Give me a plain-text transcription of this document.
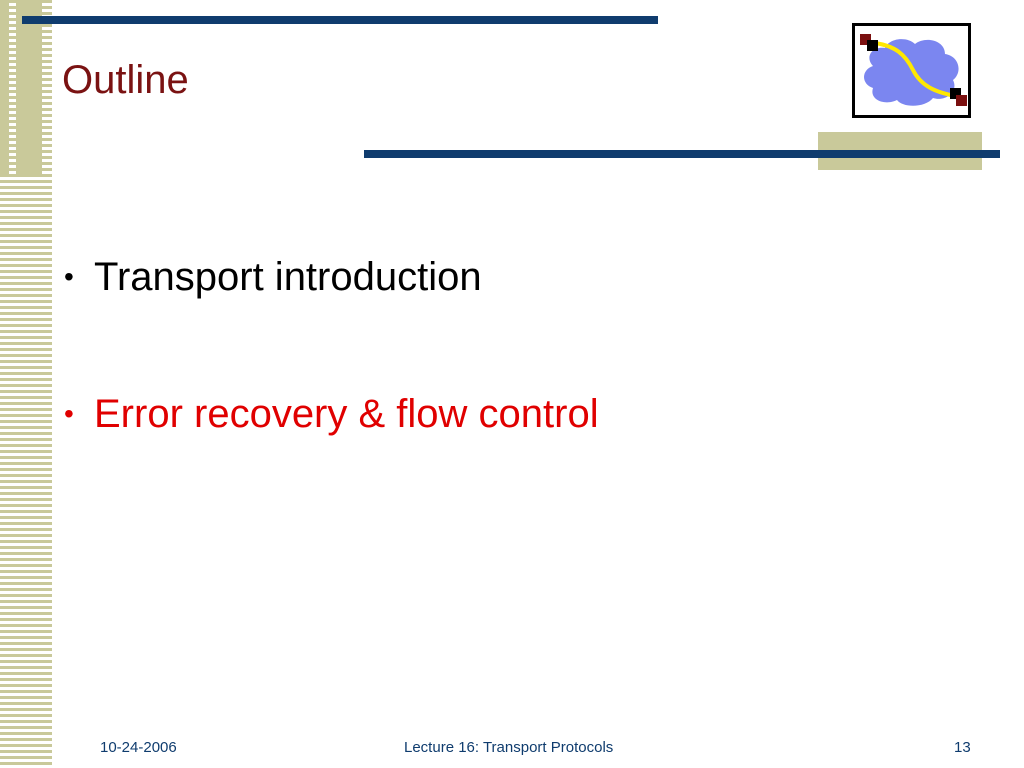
Outline
• Transport introduction
• Error recovery & flow control
10-24-2006	Lecture 16: Transport Protocols	13
